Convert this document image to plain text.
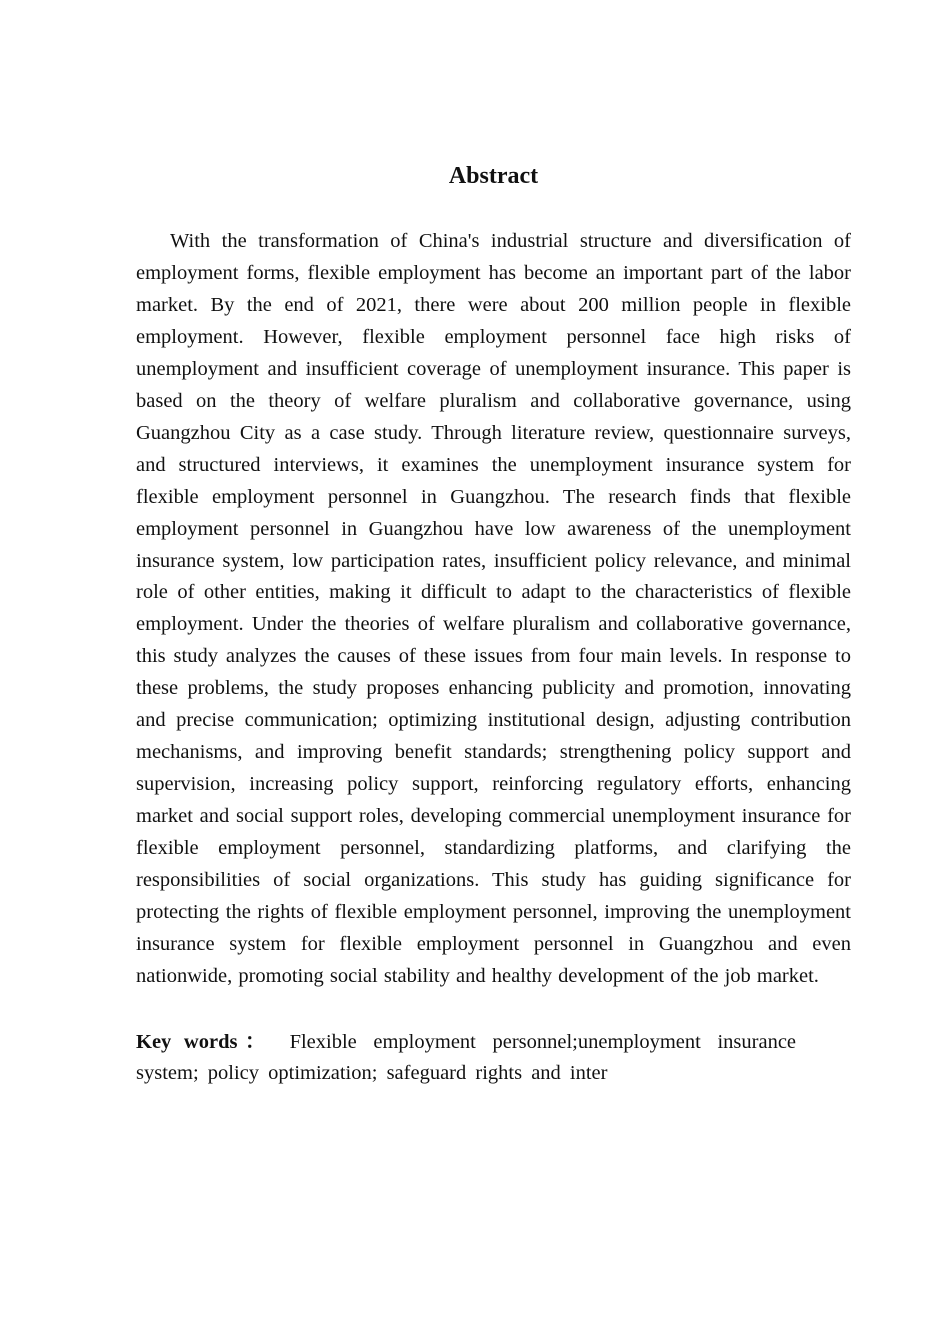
Abstract

With the transformation of China's industrial structure and diversification of employment forms, flexible employment has become an important part of the labor market. By the end of 2021, there were about 200 million people in flexible employment. However, flexible employment personnel face high risks of unemployment and insufficient coverage of unemployment insurance. This paper is based on the theory of welfare pluralism and collaborative governance, using Guangzhou City as a case study. Through literature review, questionnaire surveys, and structured interviews, it examines the unemployment insurance system for flexible employment personnel in Guangzhou. The research finds that flexible employment personnel in Guangzhou have low awareness of the unemployment insurance system, low participation rates, insufficient policy relevance, and minimal role of other entities, making it difficult to adapt to the characteristics of flexible employment. Under the theories of welfare pluralism and collaborative governance, this study analyzes the causes of these issues from four main levels. In response to these problems, the study proposes enhancing publicity and promotion, innovating and precise communication; optimizing institutional design, adjusting contribution mechanisms, and improving benefit standards; strengthening policy support and supervision, increasing policy support, reinforcing regulatory efforts, enhancing market and social support roles, developing commercial unemployment insurance for flexible employment personnel, standardizing platforms, and clarifying the responsibilities of social organizations. This study has guiding significance for protecting the rights of flexible employment personnel, improving the unemployment insurance system for flexible employment personnel in Guangzhou and even nationwide, promoting social stability and healthy development of the job market.

Key words： Flexible employment personnel;unemployment insurance system; policy optimization; safeguard rights and inter
